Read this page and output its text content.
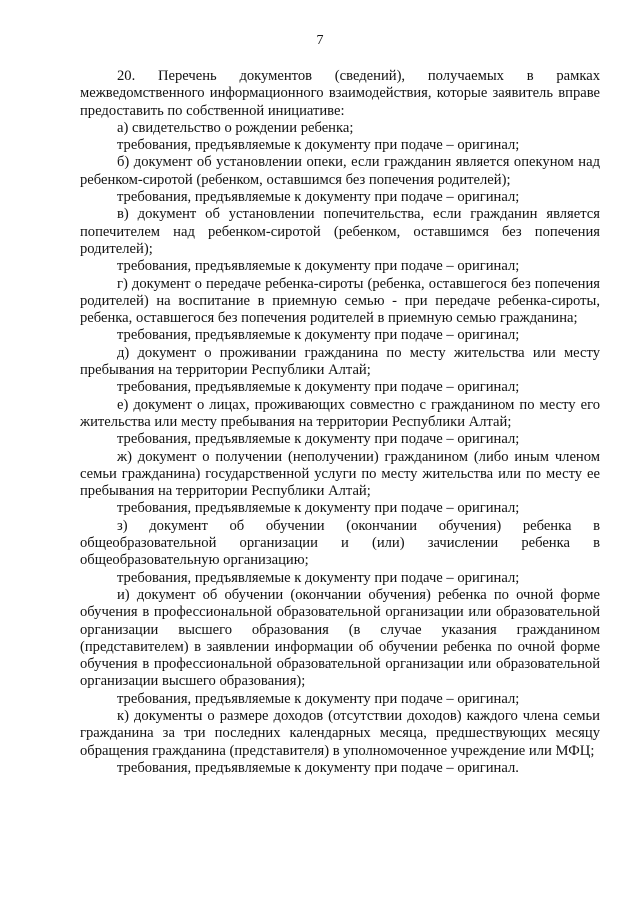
7

20. Перечень документов (сведений), получаемых в рамках межведомственного информационного взаимодействия, которые заявитель вправе предоставить по собственной инициативе:

а) свидетельство о рождении ребенка;

требования, предъявляемые к документу при подаче – оригинал;

б) документ об установлении опеки, если гражданин является опекуном над ребенком-сиротой (ребенком, оставшимся без попечения родителей);

требования, предъявляемые к документу при подаче – оригинал;

в) документ об установлении попечительства, если гражданин является попечителем над ребенком-сиротой (ребенком, оставшимся без попечения родителей);

требования, предъявляемые к документу при подаче – оригинал;

г) документ о передаче ребенка-сироты (ребенка, оставшегося без попечения родителей) на воспитание в приемную семью - при передаче ребенка-сироты, ребенка, оставшегося без попечения родителей в приемную семью гражданина;

требования, предъявляемые к документу при подаче – оригинал;

д) документ о проживании гражданина по месту жительства или месту пребывания на территории Республики Алтай;

требования, предъявляемые к документу при подаче – оригинал;

е) документ о лицах, проживающих совместно с гражданином по месту его жительства или месту пребывания на территории Республики Алтай;

требования, предъявляемые к документу при подаче – оригинал;

ж) документ о получении (неполучении) гражданином (либо иным членом семьи гражданина) государственной услуги по месту жительства или по месту ее пребывания на территории Республики Алтай;

требования, предъявляемые к документу при подаче – оригинал;

з) документ об обучении (окончании обучения) ребенка в общеобразовательной организации и (или) зачислении ребенка в общеобразовательную организацию;

требования, предъявляемые к документу при подаче – оригинал;

и) документ об обучении (окончании обучения) ребенка по очной форме обучения в профессиональной образовательной организации или образовательной организации высшего образования (в случае указания гражданином (представителем) в заявлении информации об обучении ребенка по очной форме обучения в профессиональной образовательной организации или образовательной организации высшего образования);

требования, предъявляемые к документу при подаче – оригинал;

к) документы о размере доходов (отсутствии доходов) каждого члена семьи гражданина за три последних календарных месяца, предшествующих месяцу обращения гражданина (представителя) в уполномоченное учреждение или МФЦ;

требования, предъявляемые к документу при подаче – оригинал.
